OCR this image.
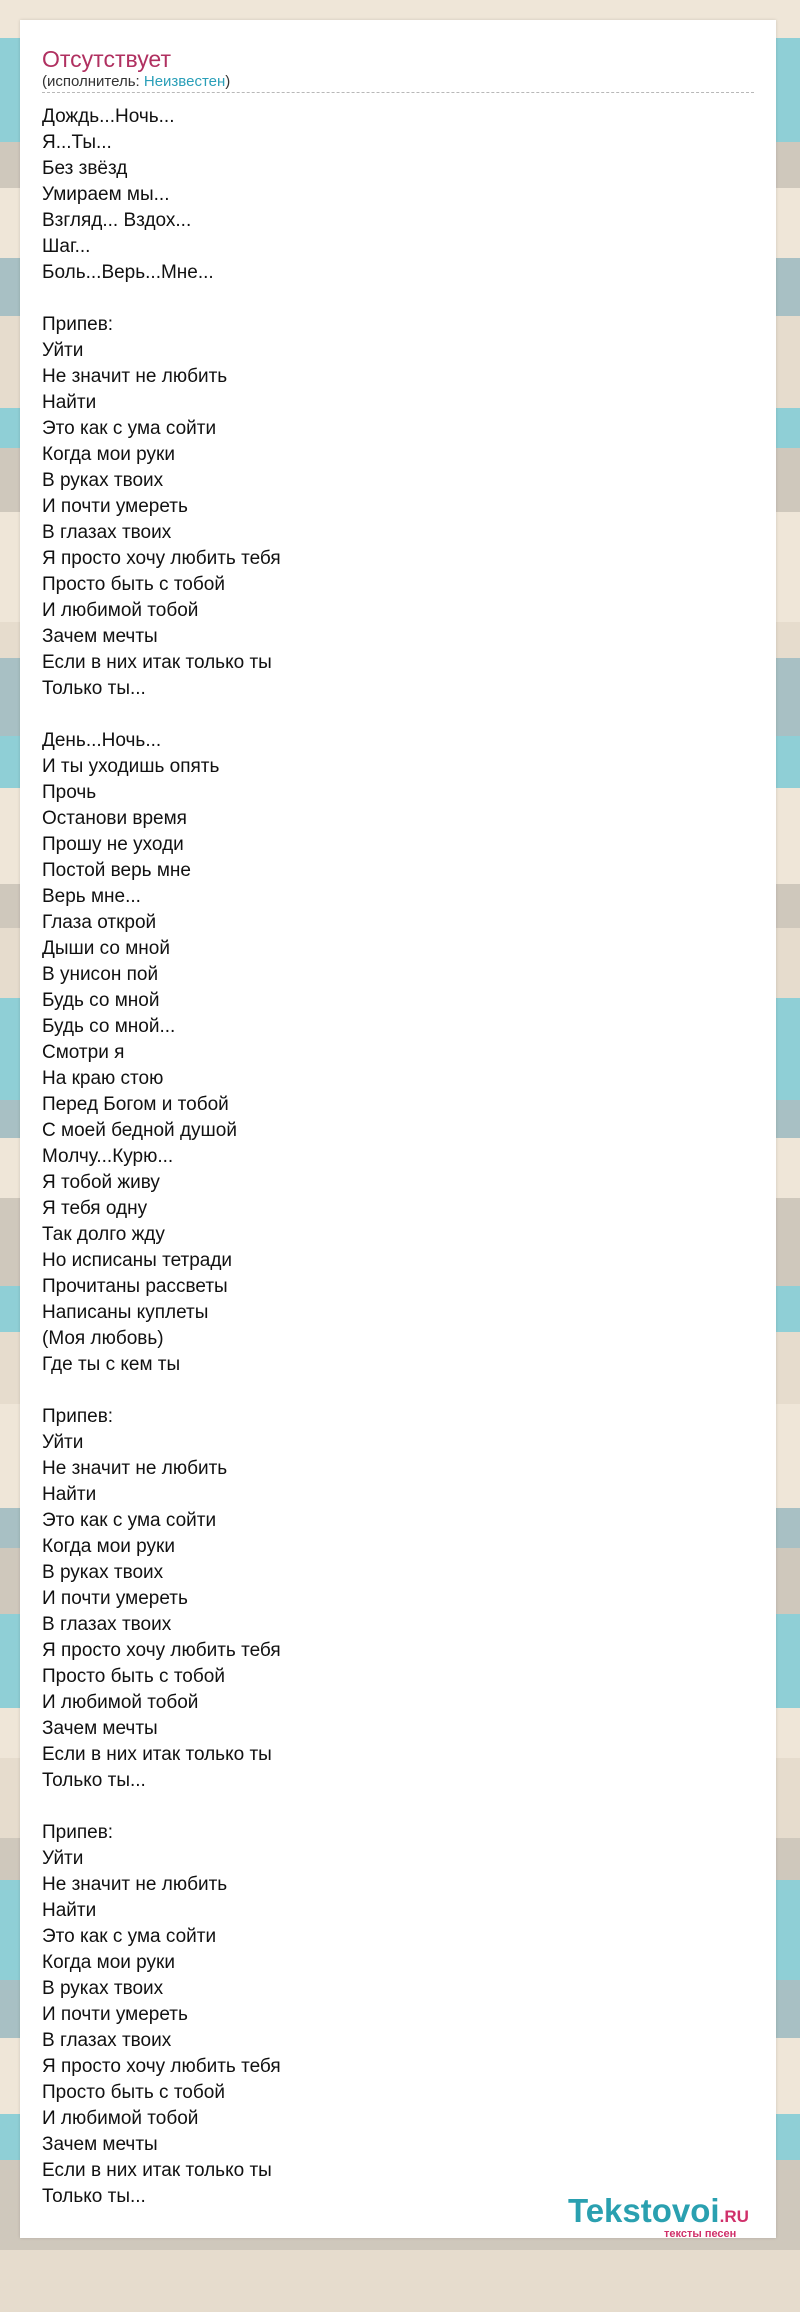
Отсутствует
(исполнитель: Неизвестен)
Дождь...Ночь...
Я...Ты...
Без звёзд
Умираем мы...
Взгляд... Вздох...
Шаг...
Боль...Верь...Мне...
Припев:
Уйти
Не значит не любить
Найти
Это как с ума сойти
Когда мои руки
В руках твоих
И почти умереть
В глазах твоих
Я просто хочу любить тебя
Просто быть с тобой
И любимой тобой
Зачем мечты
Если в них итак только ты
Только ты...
День...Ночь...
И ты уходишь опять
Прочь
Останови время
Прошу не уходи
Постой верь мне
Верь мне...
Глаза открой
Дыши со мной
В унисон пой
Будь со мной
Будь со мной...
Смотри я
На краю стою
Перед Богом и тобой
С моей бедной душой
Молчу...Курю...
Я тобой живу
Я тебя одну
Так долго жду
Но исписаны тетради
Прочитаны рассветы
Написаны куплеты
(Моя любовь)
Где ты с кем ты
Припев:
Уйти
Не значит не любить
Найти
Это как с ума сойти
Когда мои руки
В руках твоих
И почти умереть
В глазах твоих
Я просто хочу любить тебя
Просто быть с тобой
И любимой тобой
Зачем мечты
Если в них итак только ты
Только ты...
Припев:
Уйти
Не значит не любить
Найти
Это как с ума сойти
Когда мои руки
В руках твоих
И почти умереть
В глазах твоих
Я просто хочу любить тебя
Просто быть с тобой
И любимой тобой
Зачем мечты
Если в них итак только ты
Только ты...	Tekstovoi.RU
тексты песен
